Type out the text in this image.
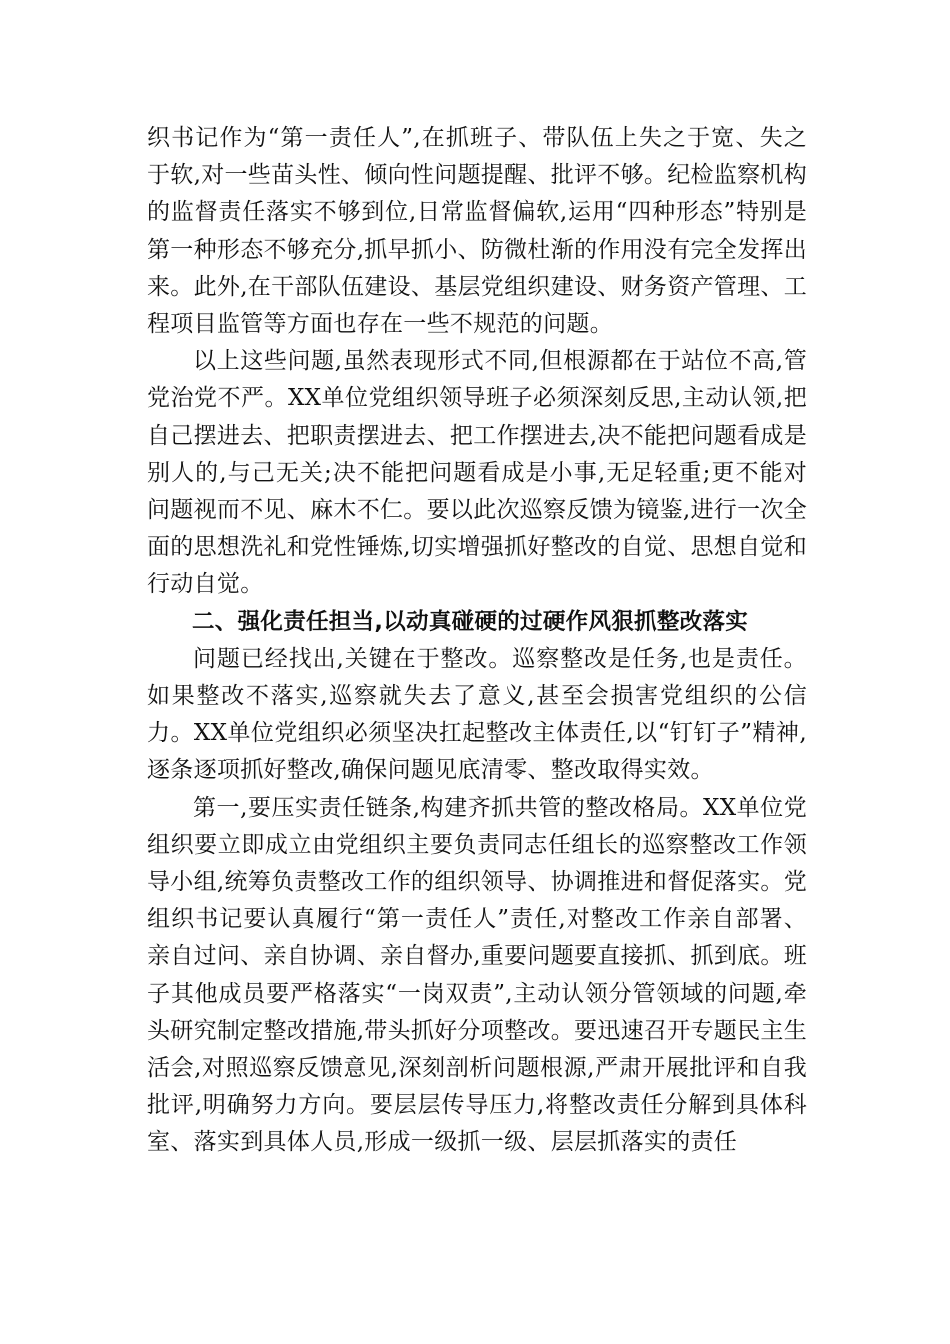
织书记作为“第一责任人”,在抓班子、带队伍上失之于宽、失之于软,对一些苗头性、倾向性问题提醒、批评不够。纪检监察机构的监督责任落实不够到位,日常监督偏软,运用“四种形态”特别是第一种形态不够充分,抓早抓小、防微杜渐的作用没有完全发挥出来。此外,在干部队伍建设、基层党组织建设、财务资产管理、工程项目监管等方面也存在一些不规范的问题。

以上这些问题,虽然表现形式不同,但根源都在于站位不高,管党治党不严。XX单位党组织领导班子必须深刻反思,主动认领,把自己摆进去、把职责摆进去、把工作摆进去,决不能把问题看成是别人的,与己无关;决不能把问题看成是小事,无足轻重;更不能对问题视而不见、麻木不仁。要以此次巡察反馈为镜鉴,进行一次全面的思想洗礼和党性锤炼,切实增强抓好整改的自觉、思想自觉和行动自觉。

二、强化责任担当,以动真碰硬的过硬作风狠抓整改落实

问题已经找出,关键在于整改。巡察整改是任务,也是责任。如果整改不落实,巡察就失去了意义,甚至会损害党组织的公信力。XX单位党组织必须坚决扛起整改主体责任,以“钉钉子”精神,逐条逐项抓好整改,确保问题见底清零、整改取得实效。

第一,要压实责任链条,构建齐抓共管的整改格局。XX单位党组织要立即成立由党组织主要负责同志任组长的巡察整改工作领导小组,统筹负责整改工作的组织领导、协调推进和督促落实。党组织书记要认真履行“第一责任人”责任,对整改工作亲自部署、亲自过问、亲自协调、亲自督办,重要问题要直接抓、抓到底。班子其他成员要严格落实“一岗双责”,主动认领分管领域的问题,牵头研究制定整改措施,带头抓好分项整改。要迅速召开专题民主生活会,对照巡察反馈意见,深刻剖析问题根源,严肃开展批评和自我批评,明确努力方向。要层层传导压力,将整改责任分解到具体科室、落实到具体人员,形成一级抓一级、层层抓落实的责任
